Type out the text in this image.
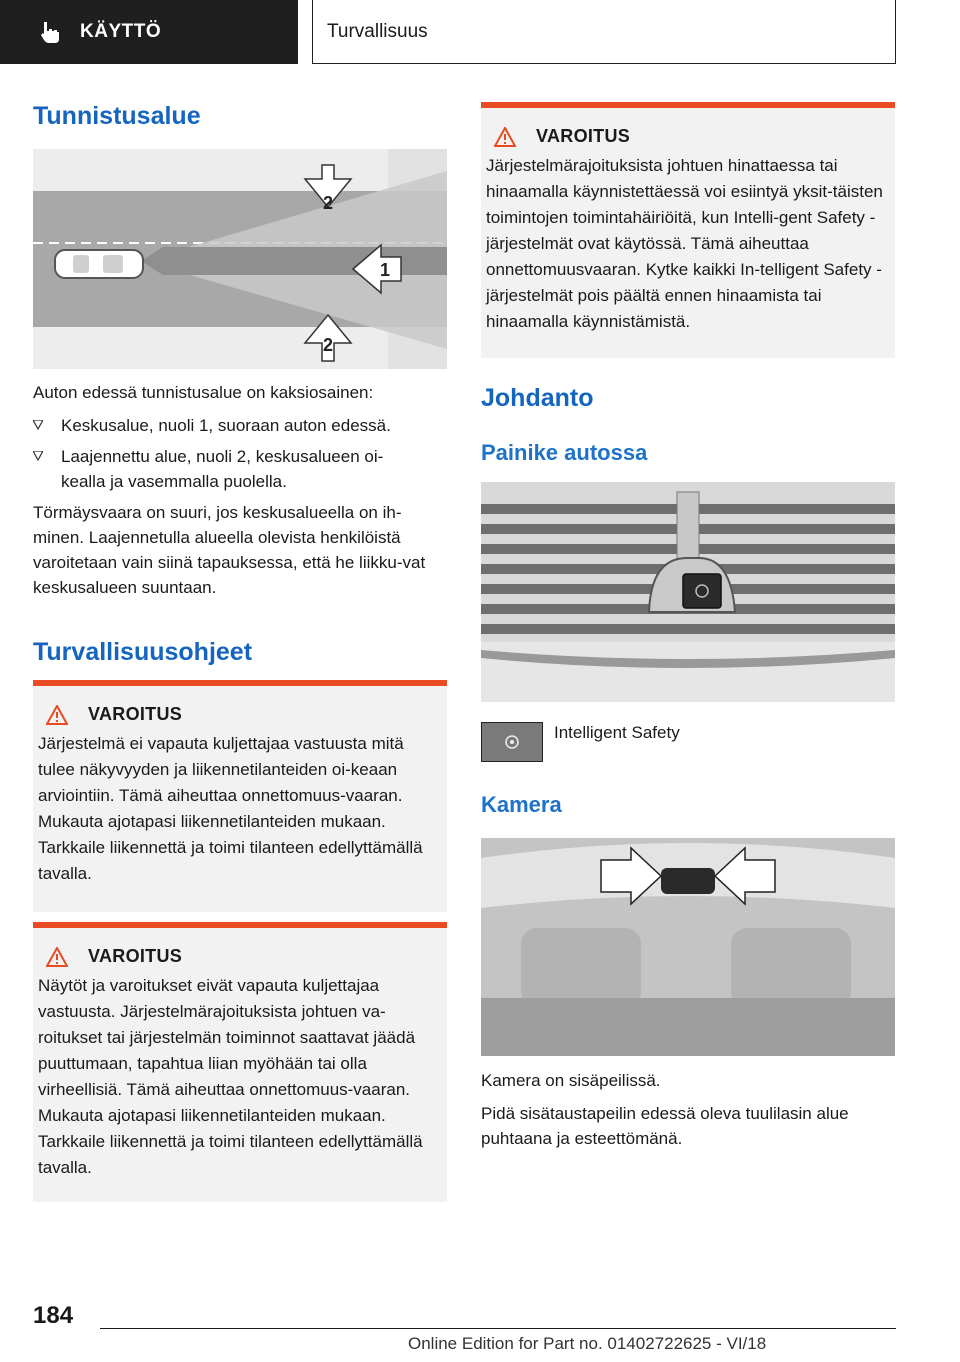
KÄYTTÖ	Turvallisuus
Tunnistusalue
2
1
2

Auton edessä tunnistusalue on kaksiosainen:

Keskusalue, nuoli 1, suoraan auton edessä.
Laajennettu alue, nuoli 2, keskusalueen oi-
kealla ja vasemmalla puolella.

Törmäysvaara on suuri, jos keskusalueella on ih-minen. Laajennetulla alueella olevista henkilöistä varoitetaan vain siinä tapauksessa, että he liikku-vat keskusalueen suuntaan.

Turvallisuusohjeet
VAROITUS

Järjestelmä ei vapauta kuljettajaa vastuusta mitä tulee näkyvyyden ja liikennetilanteiden oi-keaan arviointiin. Tämä aiheuttaa onnettomuus-vaaran. Mukauta ajotapasi liikennetilanteiden mukaan. Tarkkaile liikennettä ja toimi tilanteen edellyttämällä tavalla.

VAROITUS

Näytöt ja varoitukset eivät vapauta kuljettajaa vastuusta. Järjestelmärajoituksista johtuen va-roitukset tai järjestelmän toiminnot saattavat jäädä puuttumaan, tapahtua liian myöhään tai olla virheellisiä. Tämä aiheuttaa onnettomuus-vaaran. Mukauta ajotapasi liikennetilanteiden mukaan. Tarkkaile liikennettä ja toimi tilanteen edellyttämällä tavalla.

VAROITUS

Järjestelmärajoituksista johtuen hinattaessa tai hinaamalla käynnistettäessä voi esiintyä yksit-täisten toimintojen toimintahäiriöitä, kun Intelli-gent Safety -järjestelmät ovat käytössä. Tämä aiheuttaa onnettomuusvaaran. Kytke kaikki In-telligent Safety -järjestelmät pois päältä ennen hinaamista tai hinaamalla käynnistämistä.

Johdanto
Painike autossa

Intelligent Safety

Kamera

Kamera on sisäpeilissä.

Pidä sisätaustapeilin edessä oleva tuulilasin alue puhtaana ja esteettömänä.

184
Online Edition for Part no. 01402722625 - VI/18
